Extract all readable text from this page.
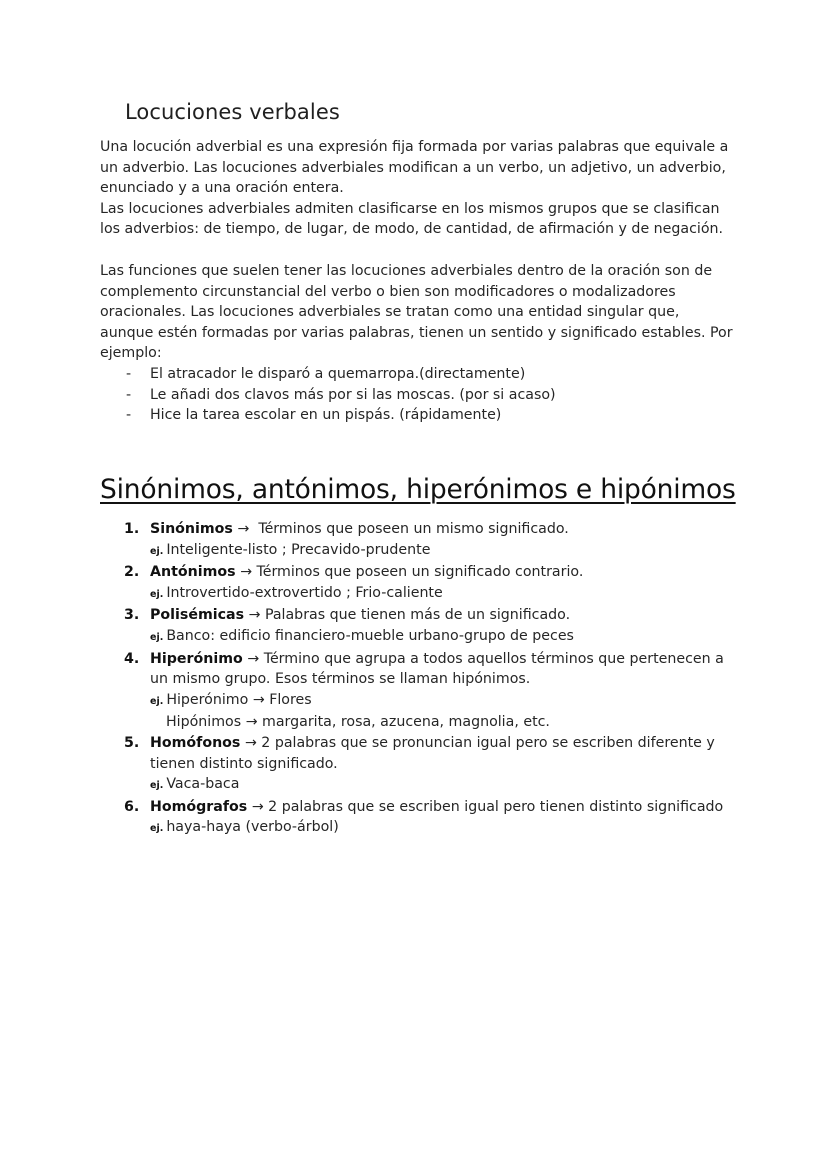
Locuciones verbales

Una locución adverbial es una expresión fija formada por varias palabras que equivale a
un adverbio. Las locuciones adverbiales modifican a un verbo, un adjetivo, un adverbio,
enunciado y a una oración entera.

Las locuciones adverbiales admiten clasificarse en los mismos grupos que se clasifican
los adverbios: de tiempo, de lugar, de modo, de cantidad, de afirmación y de negación.

Las funciones que suelen tener las locuciones adverbiales dentro de la oración son de
complemento circunstancial del verbo o bien son modificadores o modalizadores
oracionales. Las locuciones adverbiales se tratan como una entidad singular que,
aunque estén formadas por varias palabras, tienen un sentido y significado estables. Por
ejemplo:

- El atracador le disparó a quemarropa.(directamente)
- Le añadi dos clavos más por si las moscas. (por si acaso)
- Hice la tarea escolar en un pispás. (rápidamente)
Sinónimos, antónimos, hiperónimos e hipónimos
1. Sinónimos → Términos que poseen un mismo significado.
ej. Inteligente-listo ; Precavido-prudente
2. Antónimos → Términos que poseen un significado contrario.
ej. Introvertido-extrovertido ; Frio-caliente
3. Polisémicas → Palabras que tienen más de un significado.
ej. Banco: edificio financiero-mueble urbano-grupo de peces
4. Hiperónimo → Término que agrupa a todos aquellos términos que pertenecen a
un mismo grupo. Esos términos se llaman hipónimos.
ej. Hiperónimo → Flores
Hipónimos → margarita, rosa, azucena, magnolia, etc.
5. Homófonos → 2 palabras que se pronuncian igual pero se escriben diferente y
tienen distinto significado.
ej. Vaca-baca
6. Homógrafos → 2 palabras que se escriben igual pero tienen distinto significado
ej. haya-haya (verbo-árbol)
